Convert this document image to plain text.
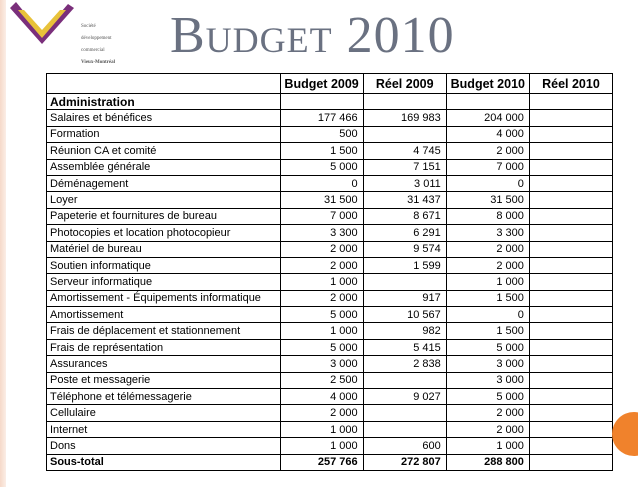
Société

développement

commercial

Vieux-Montréal Budget 2010
	Budget 2009	Réel 2009	Budget 2010	Réel 2010
Administration				
Salaires et bénéfices	177 466	169 983	204 000	
Formation	500		4 000	
Réunion CA et comité	1 500	4 745	2 000	
Assemblée générale	5 000	7 151	7 000	
Déménagement	0	3 011	0	
Loyer	31 500	31 437	31 500	
Papeterie et fournitures de bureau	7 000	8 671	8 000	
Photocopies et location photocopieur	3 300	6 291	3 300	
Matériel de bureau	2 000	9 574	2 000	
Soutien informatique	2 000	1 599	2 000	
Serveur informatique	1 000		1 000	
Amortissement - Équipements informatique	2 000	917	1 500	
Amortissement	5 000	10 567	0	
Frais de déplacement et stationnement	1 000	982	1 500	
Frais de représentation	5 000	5 415	5 000	
Assurances	3 000	2 838	3 000	
Poste et messagerie	2 500		3 000	
Téléphone et télémessagerie	4 000	9 027	5 000	
Cellulaire	2 000		2 000	
Internet	1 000		2 000	
Dons	1 000	600	1 000	
Sous-total	257 766	272 807	288 800	
